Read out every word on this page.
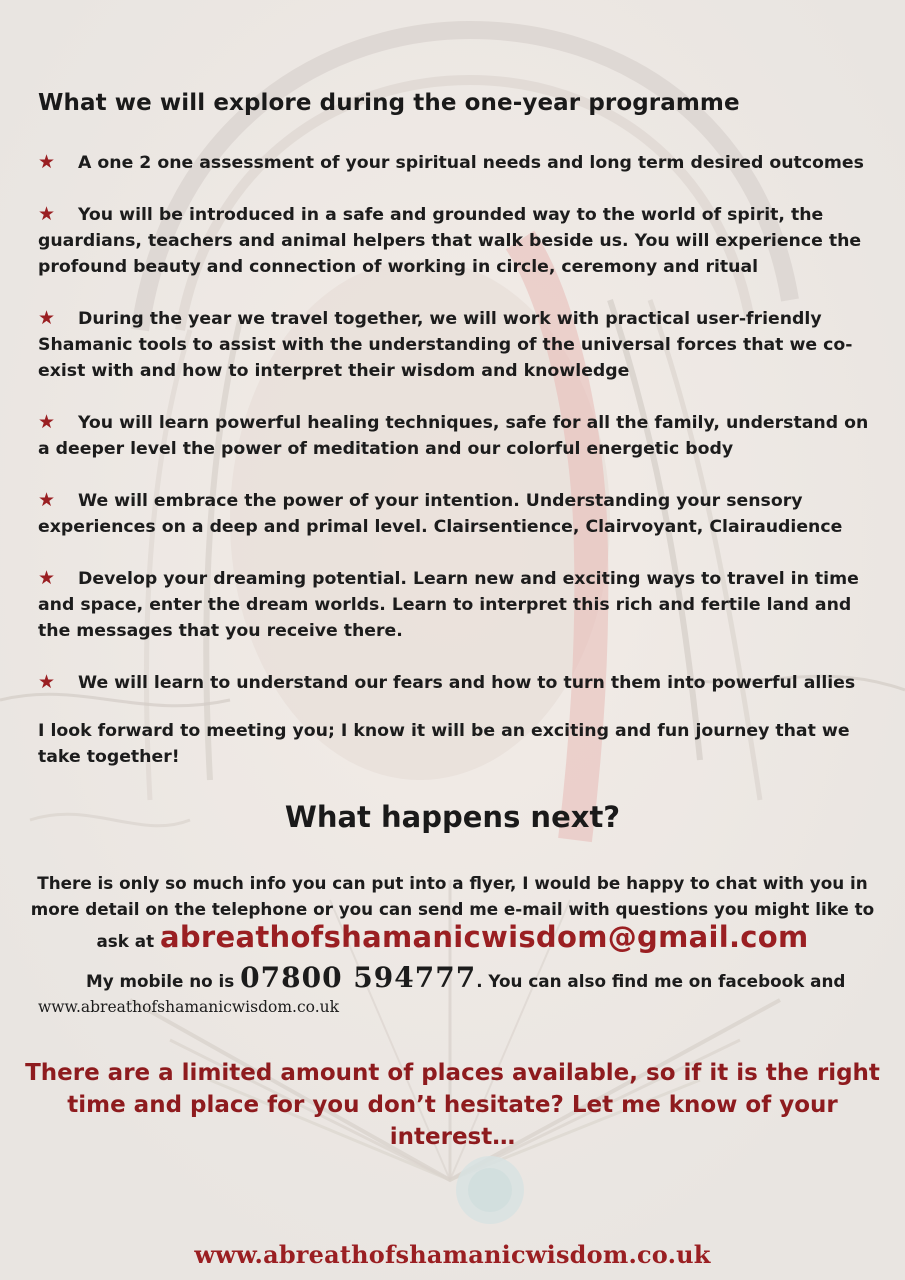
What we will explore during the one-year programme
★ A one 2 one assessment of your spiritual needs and long term desired outcomes
★ You will be introduced in a safe and grounded way to the world of spirit, the guardians, teachers and animal helpers that walk beside us. You will experience the profound beauty and connection of working in circle, ceremony and ritual
★ During the year we travel together, we will work with practical user-friendly Shamanic tools to assist with the understanding of the universal forces that we co-exist with and how to interpret their wisdom and knowledge
★ You will learn powerful healing techniques, safe for all the family, understand on a deeper level the power of meditation and our colorful energetic body
★ We will embrace the power of your intention. Understanding your sensory experiences on a deep and primal level. Clairsentience, Clairvoyant, Clairaudience
★ Develop your dreaming potential. Learn new and exciting ways to travel in time and space, enter the dream worlds. Learn to interpret this rich and fertile land and the messages that you receive there.
★ We will learn to understand our fears and how to turn them into powerful allies

I look forward to meeting you; I know it will be an exciting and fun journey that we take together!

What happens next?

There is only so much info you can put into a flyer, I would be happy to chat with you in more detail on the telephone or you can send me e-mail with questions you might like to ask at abreathofshamanicwisdom@gmail.com

My mobile no is 07800 594777. You can also find me on facebook and
www.abreathofshamanicwisdom.co.uk

There are a limited amount of places available, so if it is the right time and place for you don’t hesitate? Let me know of your interest…

www.abreathofshamanicwisdom.co.uk
